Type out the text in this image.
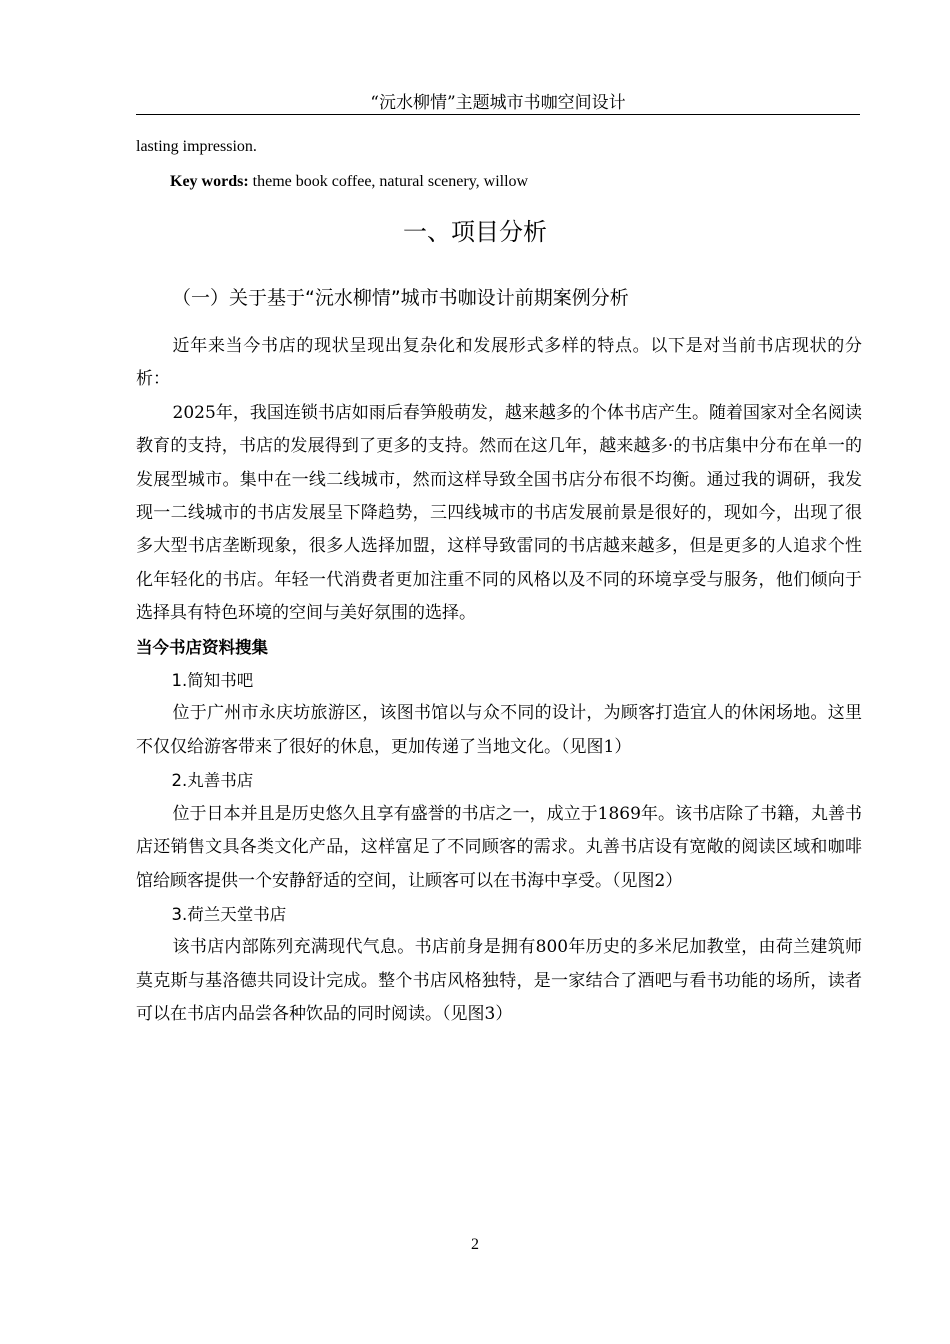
“沅水柳情”主题城市书咖空间设计
lasting impression.
Key words: theme book coffee, natural scenery, willow
一、项目分析
（一）关于基于“沅水柳情”城市书咖设计前期案例分析

近年来当今书店的现状呈现出复杂化和发展形式多样的特点。以下是对当前书店现状的分析：

2025年，我国连锁书店如雨后春笋般萌发，越来越多的个体书店产生。随着国家对全名阅读教育的支持，书店的发展得到了更多的支持。然而在这几年，越来越多·的书店集中分布在单一的发展型城市。集中在一线二线城市，然而这样导致全国书店分布很不均衡。通过我的调研，我发现一二线城市的书店发展呈下降趋势，三四线城市的书店发展前景是很好的，现如今，出现了很多大型书店垄断现象，很多人选择加盟，这样导致雷同的书店越来越多，但是更多的人追求个性化年轻化的书店。年轻一代消费者更加注重不同的风格以及不同的环境享受与服务，他们倾向于选择具有特色环境的空间与美好氛围的选择。

当今书店资料搜集

1.简知书吧

位于广州市永庆坊旅游区，该图书馆以与众不同的设计，为顾客打造宜人的休闲场地。这里不仅仅给游客带来了很好的休息，更加传递了当地文化。（见图1）

2.丸善书店

位于日本并且是历史悠久且享有盛誉的书店之一，成立于1869年。该书店除了书籍，丸善书店还销售文具各类文化产品，这样富足了不同顾客的需求。丸善书店设有宽敞的阅读区域和咖啡馆给顾客提供一个安静舒适的空间，让顾客可以在书海中享受。（见图2）

3.荷兰天堂书店

该书店内部陈列充满现代气息。书店前身是拥有800年历史的多米尼加教堂，由荷兰建筑师莫克斯与基洛德共同设计完成。整个书店风格独特，是一家结合了酒吧与看书功能的场所，读者可以在书店内品尝各种饮品的同时阅读。（见图3）

2
